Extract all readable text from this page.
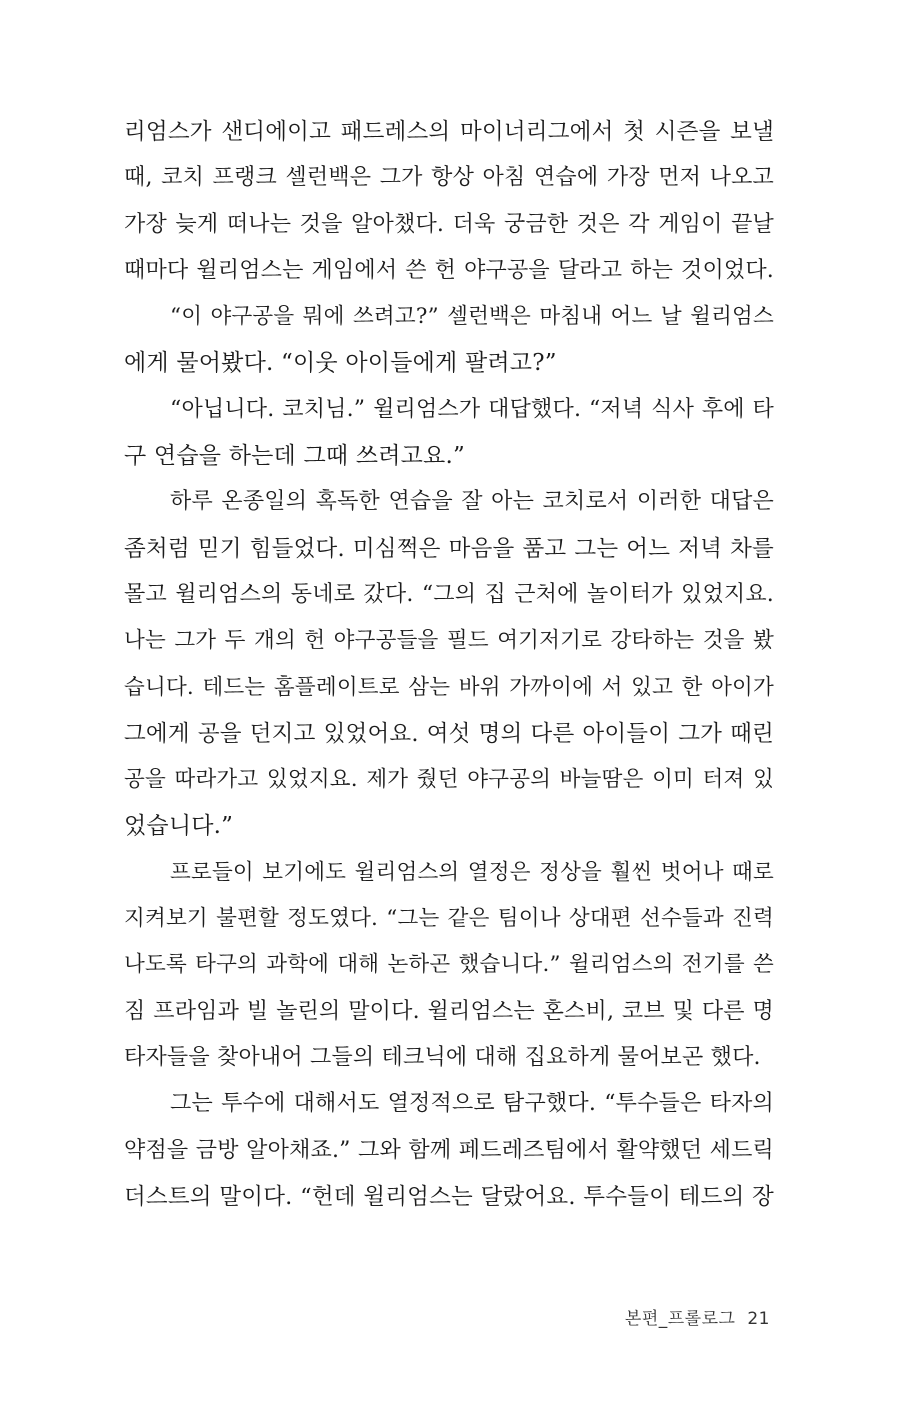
리엄스가 샌디에이고 패드레스의 마이너리그에서 첫 시즌을 보낼
때, 코치 프랭크 셀런백은 그가 항상 아침 연습에 가장 먼저 나오고
가장 늦게 떠나는 것을 알아챘다. 더욱 궁금한 것은 각 게임이 끝날
때마다 윌리엄스는 게임에서 쓴 헌 야구공을 달라고 하는 것이었다.
“이 야구공을 뭐에 쓰려고?” 셀런백은 마침내 어느 날 윌리엄스
에게 물어봤다. “이웃 아이들에게 팔려고?”
“아닙니다. 코치님.” 윌리엄스가 대답했다. “저녁 식사 후에 타
구 연습을 하는데 그때 쓰려고요.”
하루 온종일의 혹독한 연습을 잘 아는 코치로서 이러한 대답은
좀처럼 믿기 힘들었다. 미심쩍은 마음을 품고 그는 어느 저녁 차를
몰고 윌리엄스의 동네로 갔다. “그의 집 근처에 놀이터가 있었지요.
나는 그가 두 개의 헌 야구공들을 필드 여기저기로 강타하는 것을 봤
습니다. 테드는 홈플레이트로 삼는 바위 가까이에 서 있고 한 아이가
그에게 공을 던지고 있었어요. 여섯 명의 다른 아이들이 그가 때린
공을 따라가고 있었지요. 제가 줬던 야구공의 바늘땀은 이미 터져 있
었습니다.”
프로들이 보기에도 윌리엄스의 열정은 정상을 훨씬 벗어나 때로
지켜보기 불편할 정도였다. “그는 같은 팀이나 상대편 선수들과 진력
나도록 타구의 과학에 대해 논하곤 했습니다.” 윌리엄스의 전기를 쓴
짐 프라임과 빌 놀린의 말이다. 윌리엄스는 혼스비, 코브 및 다른 명
타자들을 찾아내어 그들의 테크닉에 대해 집요하게 물어보곤 했다.
그는 투수에 대해서도 열정적으로 탐구했다. “투수들은 타자의
약점을 금방 알아채죠.” 그와 함께 페드레즈팀에서 활약했던 세드릭
더스트의 말이다. “헌데 윌리엄스는 달랐어요. 투수들이 테드의 장
본편_프롤로그 21
